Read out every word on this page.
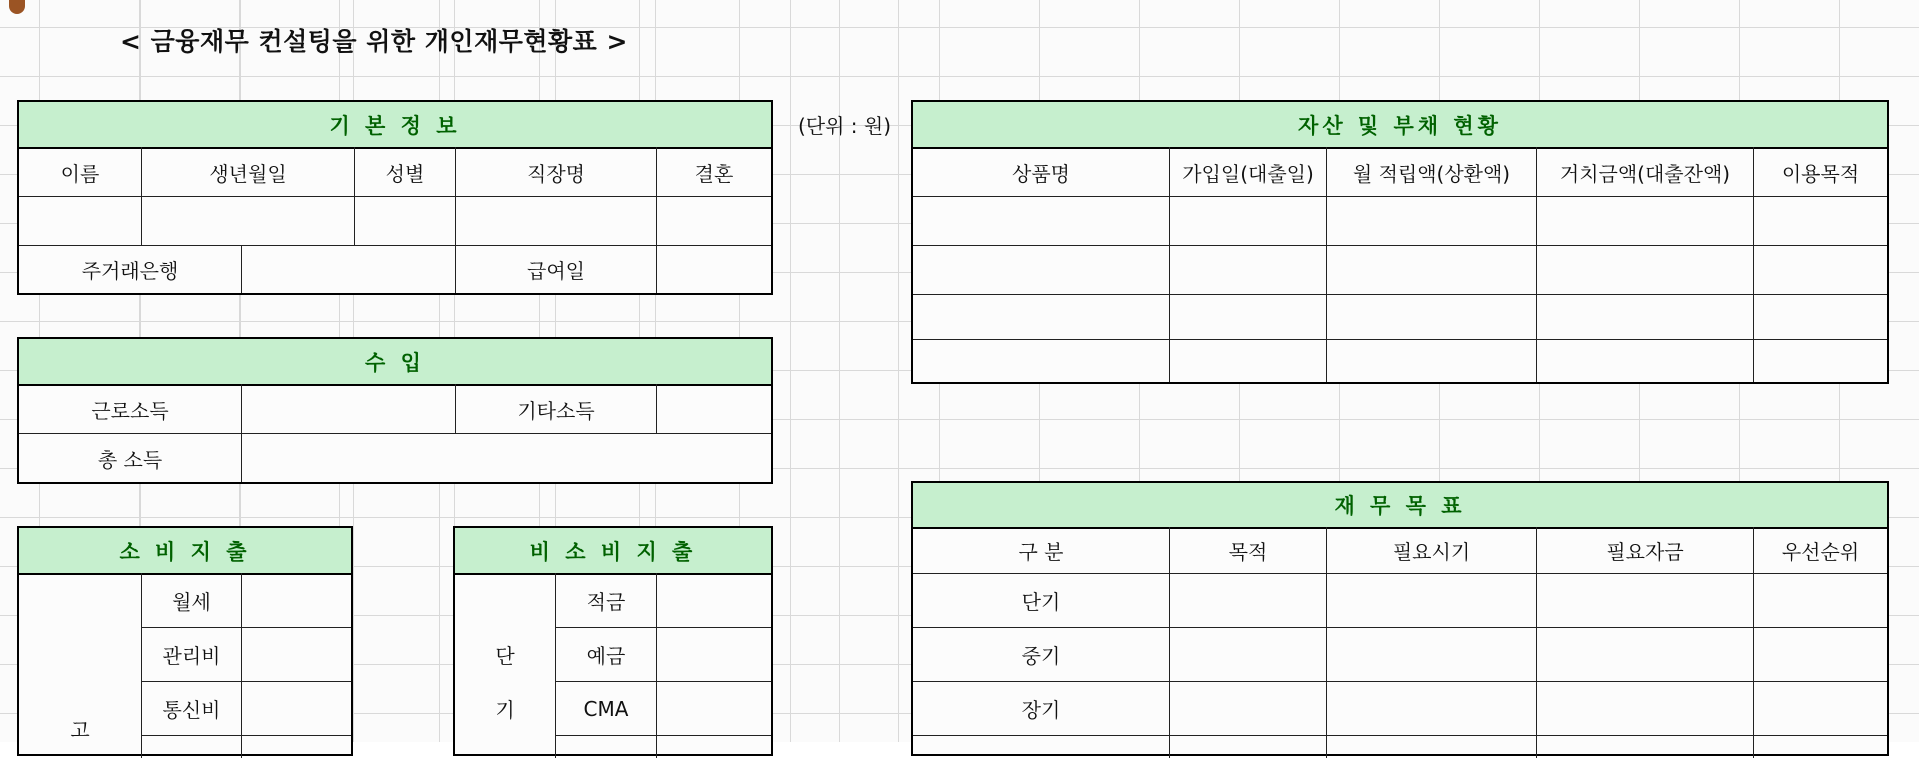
< 금융재무 컨설팅을 위한 개인재무현황표 >
(단위 : 원)
기 본 정 보
이름	생년월일	성별	직장명	결혼
주거래은행	급여일
수 입
근로소득	기타소득
총 소득
소 비 지 출
고
월세
관리비
통신비
비 소 비 지 출
단
기
적금
예금
CMA
자산 및 부채 현황
상품명	가입일(대출일)	월 적립액(상환액)	거치금액(대출잔액)	이용목적
재 무 목 표
구 분	목적	필요시기	필요자금	우선순위
단기
중기
장기
